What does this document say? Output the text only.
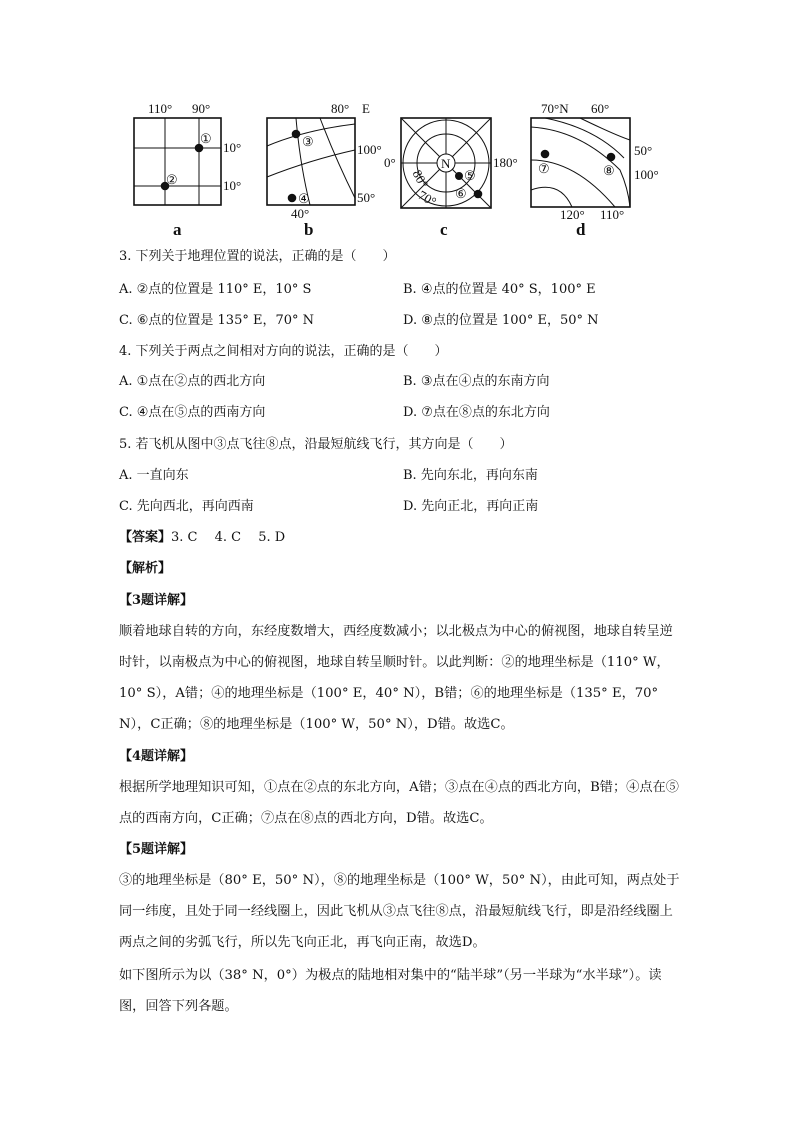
110° 90°
10°
10°
①
②
a
80° E
100°
50°
40°
③
④
b
N
0°	180°
80°
70°
⑤
⑥
c
70°N 60°
50°
100°
120° 110°
⑦	⑧
d
3. 下列关于地理位置的说法，正确的是（　　）
A. ②点的位置是 110° E，10° S	B. ④点的位置是 40° S，100° E
C. ⑥点的位置是 135° E，70° N	D. ⑧点的位置是 100° E，50° N
4. 下列关于两点之间相对方向的说法，正确的是（　　）
A. ①点在②点的西北方向	B. ③点在④点的东南方向
C. ④点在⑤点的西南方向	D. ⑦点在⑧点的东北方向
5. 若飞机从图中③点飞往⑧点，沿最短航线飞行，其方向是（　　）
A. 一直向东	B. 先向东北，再向东南
C. 先向西北，再向西南	D. 先向正北，再向正南
【答案】3. C　 4. C　 5. D
【解析】
【3题详解】
顺着地球自转的方向，东经度数增大，西经度数减小；以北极点为中心的俯视图，地球自转呈逆时针，以南极点为中心的俯视图，地球自转呈顺时针。以此判断：②的地理坐标是（110° W，10° S），A错；④的地理坐标是（100° E，40° N），B错；⑥的地理坐标是（135° E，70° N），C正确；⑧的地理坐标是（100° W，50° N），D错。故选C。
【4题详解】
根据所学地理知识可知，①点在②点的东北方向，A错；③点在④点的西北方向，B错；④点在⑤点的西南方向，C正确；⑦点在⑧点的西北方向，D错。故选C。
【5题详解】
③的地理坐标是（80° E，50° N），⑧的地理坐标是（100° W，50° N），由此可知，两点处于同一纬度，且处于同一经线圈上，因此飞机从③点飞往⑧点，沿最短航线飞行，即是沿经线圈上两点之间的劣弧飞行，所以先飞向正北，再飞向正南，故选D。
如下图所示为以（38° N，0°）为极点的陆地相对集中的“陆半球”（另一半球为“水半球”）。读图，回答下列各题。
